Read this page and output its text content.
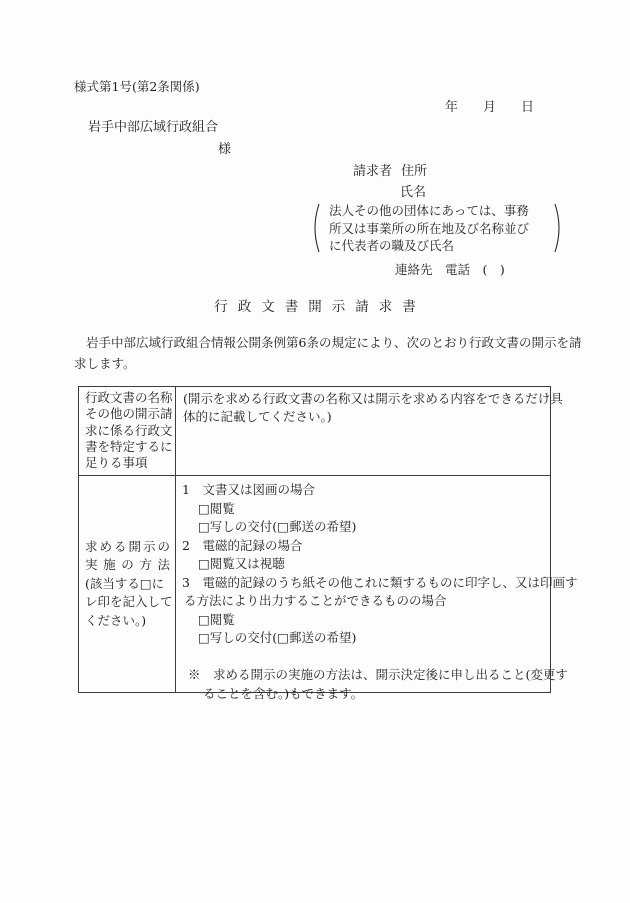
様式第1号(第2条関係)
年 月 日
岩手中部広域行政組合
様
請求者 住所
氏名
法人その他の団体にあっては、事務
所又は事業所の所在地及び名称並び
に代表者の職及び氏名
連絡先　電話　(　)
行政文書開示請求書
岩手中部広域行政組合情報公開条例第6条の規定により、次のとおり行政文書の開示を請
求します。
行政文書の名称
その他の開示請
求に係る行政文
書を特定するに
足りる事項
(開示を求める行政文書の名称又は開示を求める内容をできるだけ具
体的に記載してください。)
求める開示の
実施の方法
(該当する□に
レ印を記入して
ください。)
1　文書又は図画の場合
□閲覧
□写しの交付(□郵送の希望)
2　電磁的記録の場合
□閲覧又は視聴
3　電磁的記録のうち紙その他これに類するものに印字し、又は印画す
る方法により出力することができるものの場合
□閲覧
□写しの交付(□郵送の希望)
※　求める開示の実施の方法は、開示決定後に申し出ること(変更す
ることを含む。)もできます。
